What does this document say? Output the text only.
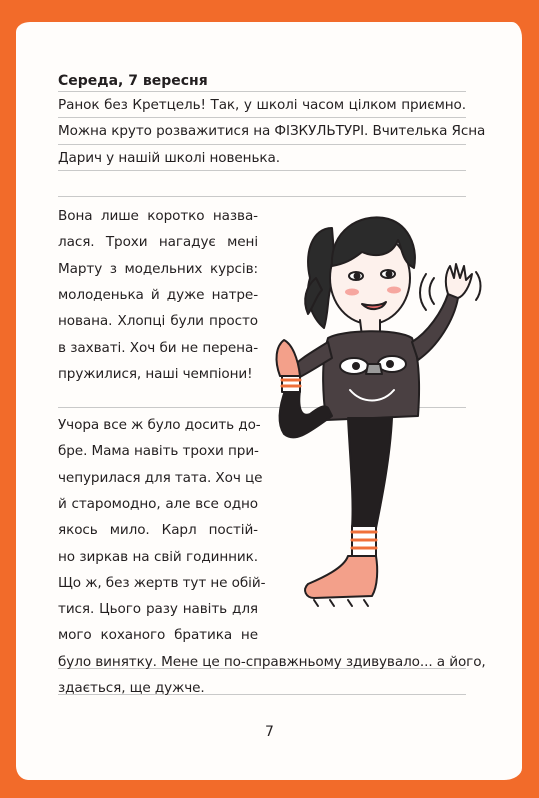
Середа, 7 вересня
Ранок без Кретцель! Так, у школі часом цілком приємно.
Можна круто розважитися на ФІЗКУЛЬТУРІ. Вчителька Ясна
Дарич у нашій школі новенька.
Вона лише коротко назва-
лася. Трохи нагадує мені
Марту з модельних курсів:
молоденька й дуже натре-
нована. Хлопці були просто
в захваті. Хоч би не перена-
пружилися, наші чемпіони!
Учора все ж було досить до-
бре. Мама навіть трохи при-
чепурилася для тата. Хоч це
й старомодно, але все одно
якось мило. Карл постій-
но зиркав на свій годинник.
Що ж, без жертв тут не обій-
тися. Цього разу навіть для
мого коханого братика не
було винятку. Мене це по-справжньому здивувало... а його,
здається, ще дужче.
7
